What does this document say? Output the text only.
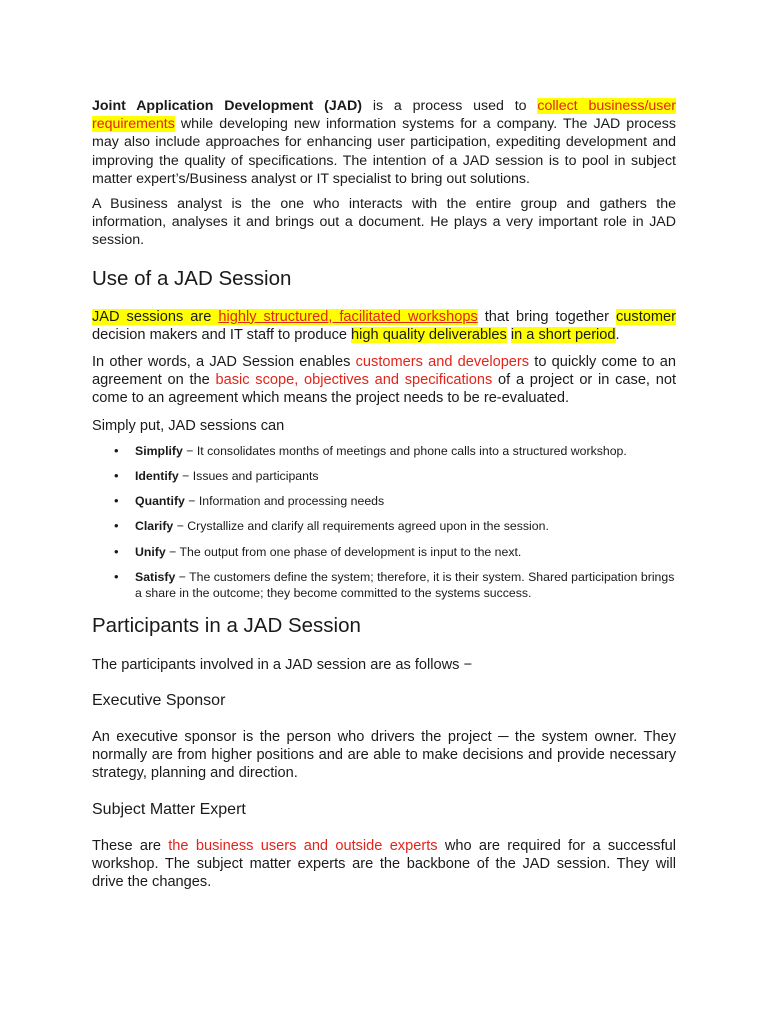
Joint Application Development (JAD) is a process used to collect business/user requirements while developing new information systems for a company. The JAD process may also include approaches for enhancing user participation, expediting development and improving the quality of specifications. The intention of a JAD session is to pool in subject matter expert’s/Business analyst or IT specialist to bring out solutions.

A Business analyst is the one who interacts with the entire group and gathers the information, analyses it and brings out a document. He plays a very important role in JAD session.

Use of a JAD Session

JAD sessions are highly structured, facilitated workshops that bring together customer decision makers and IT staff to produce high quality deliverables in a short period.

In other words, a JAD Session enables customers and developers to quickly come to an agreement on the basic scope, objectives and specifications of a project or in case, not come to an agreement which means the project needs to be re-evaluated.

Simply put, JAD sessions can

• Simplify − It consolidates months of meetings and phone calls into a structured workshop.
• Identify − Issues and participants
• Quantify − Information and processing needs
• Clarify − Crystallize and clarify all requirements agreed upon in the session.
• Unify − The output from one phase of development is input to the next.
• Satisfy − The customers define the system; therefore, it is their system. Shared participation brings a share in the outcome; they become committed to the systems success.
Participants in a JAD Session

The participants involved in a JAD session are as follows −

Executive Sponsor

An executive sponsor is the person who drivers the project ─ the system owner. They normally are from higher positions and are able to make decisions and provide necessary strategy, planning and direction.

Subject Matter Expert

These are the business users and outside experts who are required for a successful workshop. The subject matter experts are the backbone of the JAD session. They will drive the changes.
